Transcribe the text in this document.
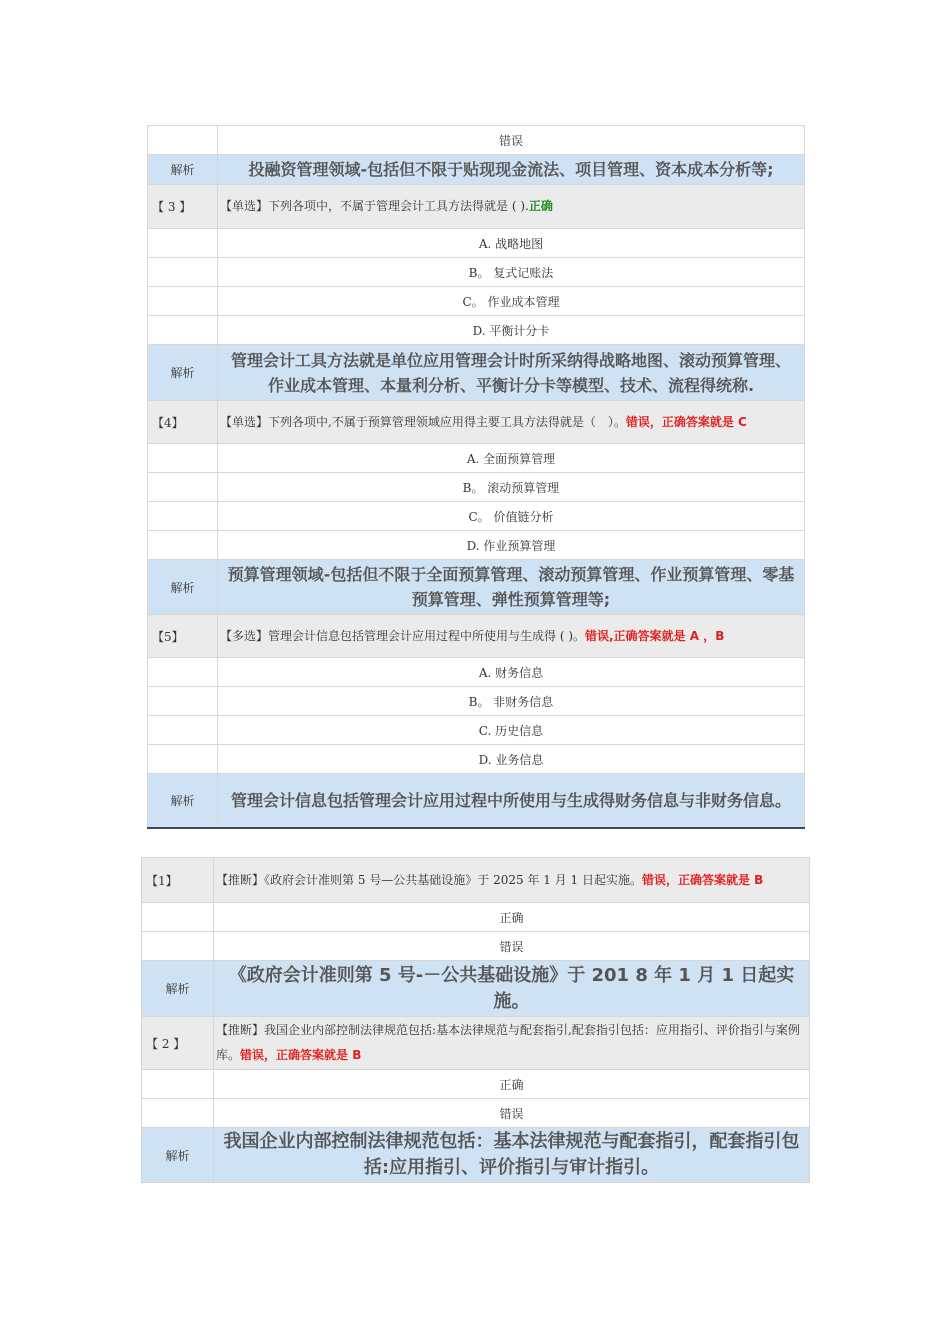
	错误
解析	投融资管理领域-包括但不限于贴现现金流法、项目管理、资本成本分析等;
【 3 】	【单选】下列各项中，不属于管理会计工具方法得就是 ( ).正确
	A. 战略地图
	B。 复式记账法
	C。 作业成本管理
	D. 平衡计分卡
解析	管理会计工具方法就是单位应用管理会计时所采纳得战略地图、滚动预算管理、作业成本管理、本量利分析、平衡计分卡等模型、技术、流程得统称.
【4】	【单选】下列各项中,不属于预算管理领域应用得主要工具方法得就是（　）。错误，正确答案就是 C
	A. 全面预算管理
	B。 滚动预算管理
	C。 价值链分析
	D. 作业预算管理
解析	预算管理领域-包括但不限于全面预算管理、滚动预算管理、作业预算管理、零基预算管理、弹性预算管理等;
【5】	【多选】管理会计信息包括管理会计应用过程中所使用与生成得 ( )。错误,正确答案就是 A ，B
	A. 财务信息
	B。 非财务信息
	C. 历史信息
	D. 业务信息
解析	管理会计信息包括管理会计应用过程中所使用与生成得财务信息与非财务信息。
【1】	【推断】《政府会计准则第 5 号—公共基础设施》于 2025 年 1 月 1 日起实施。错误，正确答案就是 B
	正确
	错误
解析	《政府会计准则第 5 号-－公共基础设施》于 201 8 年 1 月 1 日起实施。
【 2 】	【推断】我国企业内部控制法律规范包括:基本法律规范与配套指引,配套指引包括：应用指引、评价指引与案例库。错误，正确答案就是 B
	正确
	错误
解析	我国企业内部控制法律规范包括：基本法律规范与配套指引，配套指引包括:应用指引、评价指引与审计指引。
